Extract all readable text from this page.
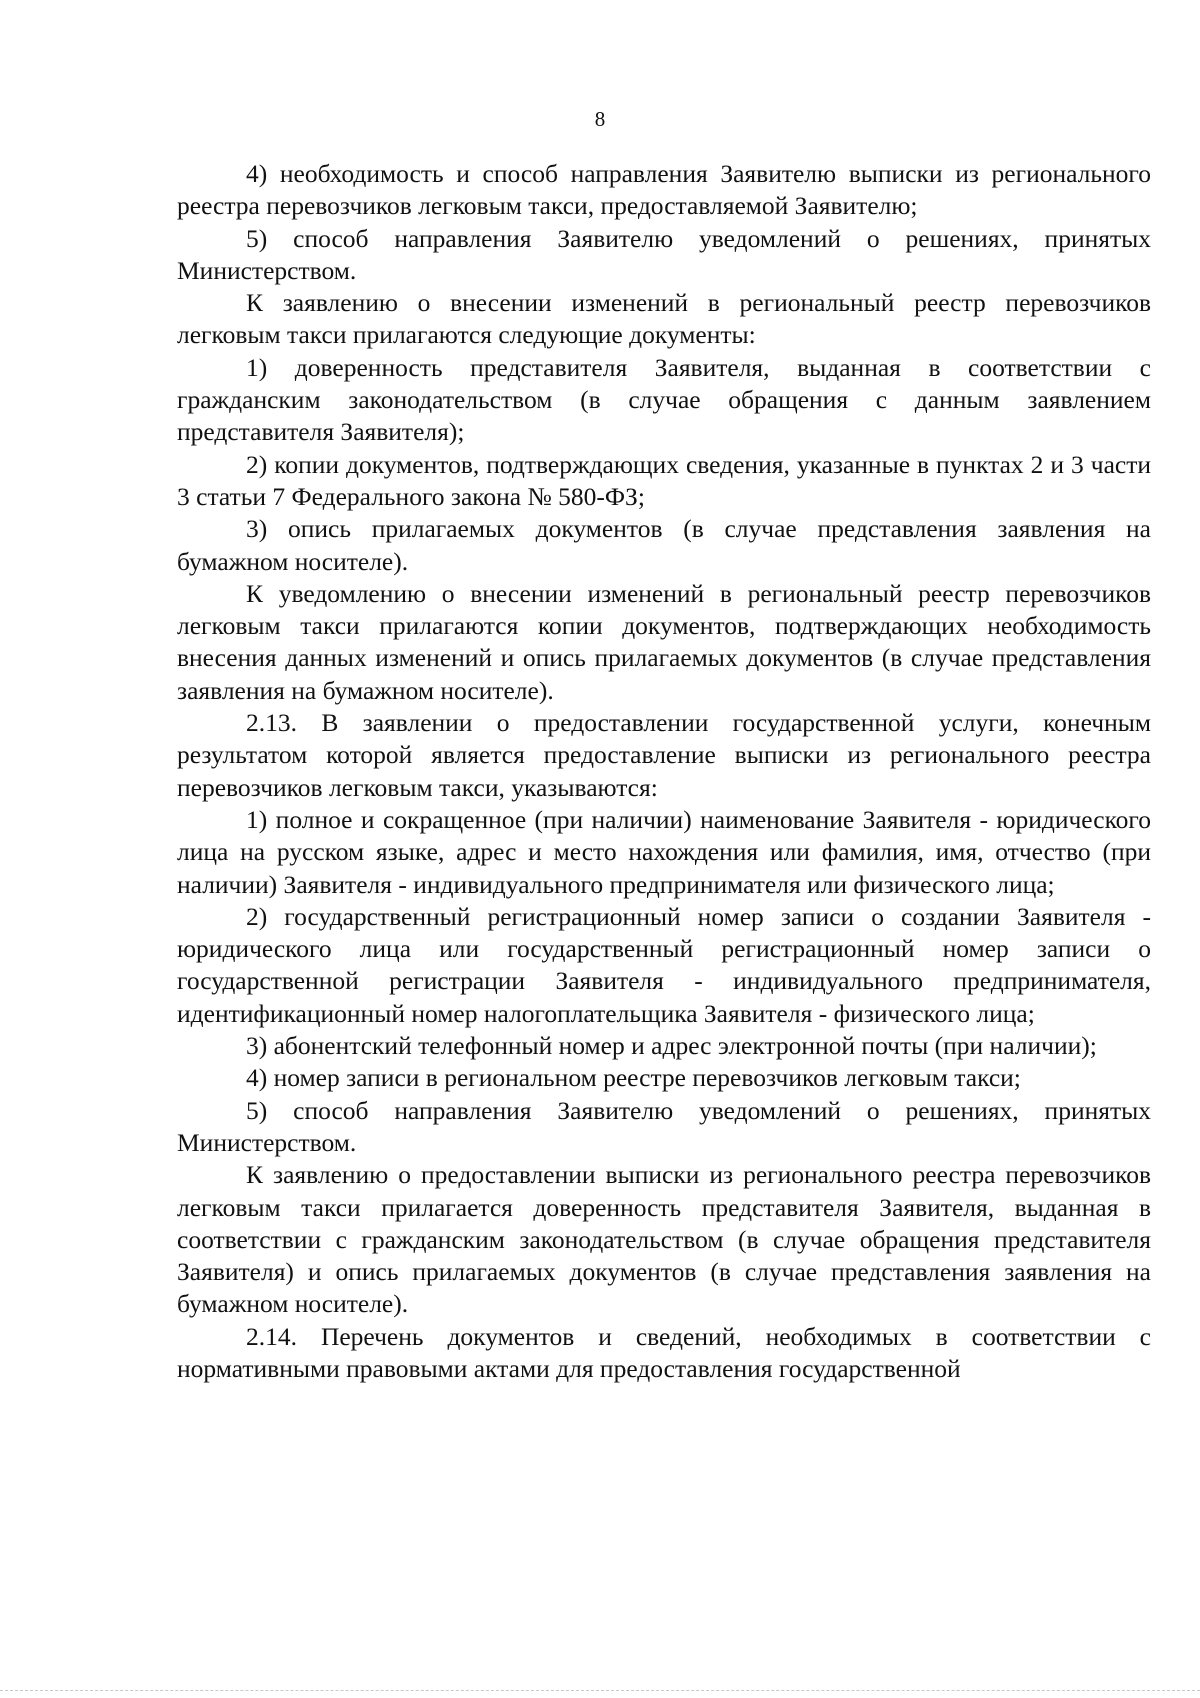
8

4) необходимость и способ направления Заявителю выписки из регионального реестра перевозчиков легковым такси, предоставляемой Заявителю;

5) способ направления Заявителю уведомлений о решениях, принятых Министерством.

К заявлению о внесении изменений в региональный реестр перевозчиков легковым такси прилагаются следующие документы:

1) доверенность представителя Заявителя, выданная в соответствии с гражданским законодательством (в случае обращения с данным заявлением представителя Заявителя);

2) копии документов, подтверждающих сведения, указанные в пунктах 2 и 3 части 3 статьи 7 Федерального закона № 580-ФЗ;

3) опись прилагаемых документов (в случае представления заявления на бумажном носителе).

К уведомлению о внесении изменений в региональный реестр перевозчиков легковым такси прилагаются копии документов, подтверждающих необходимость внесения данных изменений и опись прилагаемых документов (в случае представления заявления на бумажном носителе).

2.13. В заявлении о предоставлении государственной услуги, конечным результатом которой является предоставление выписки из регионального реестра перевозчиков легковым такси, указываются:

1) полное и сокращенное (при наличии) наименование Заявителя - юридического лица на русском языке, адрес и место нахождения или фамилия, имя, отчество (при наличии) Заявителя - индивидуального предпринимателя или физического лица;

2) государственный регистрационный номер записи о создании Заявителя - юридического лица или государственный регистрационный номер записи о государственной регистрации Заявителя - индивидуального предпринимателя, идентификационный номер налогоплательщика Заявителя - физического лица;

3) абонентский телефонный номер и адрес электронной почты (при наличии);

4) номер записи в региональном реестре перевозчиков легковым такси;

5) способ направления Заявителю уведомлений о решениях, принятых Министерством.

К заявлению о предоставлении выписки из регионального реестра перевозчиков легковым такси прилагается доверенность представителя Заявителя, выданная в соответствии с гражданским законодательством (в случае обращения представителя Заявителя) и опись прилагаемых документов (в случае представления заявления на бумажном носителе).

2.14. Перечень документов и сведений, необходимых в соответствии с нормативными правовыми актами для предоставления государственной
